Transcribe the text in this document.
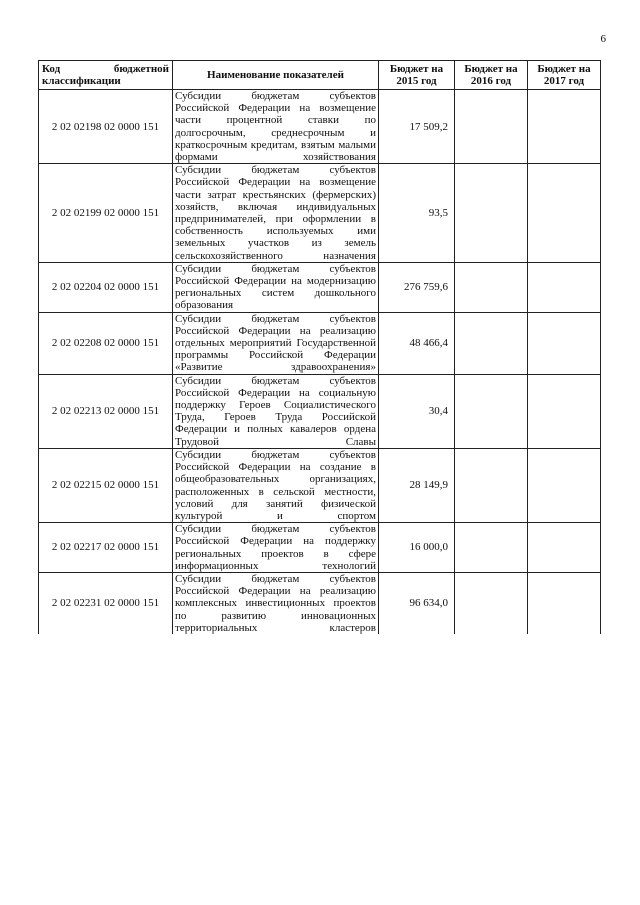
6
Код бюджетной классификации	Наименование показателей	Бюджет на 2015 год	Бюджет на 2016 год	Бюджет на 2017 год
2 02 02198 02 0000 151	Субсидии бюджетам субъектов Российской Федерации на возмещение части процентной ставки по долгосрочным, среднесрочным и краткосрочным кредитам, взятым малыми формами хозяйствования	17 509,2		
2 02 02199 02 0000 151	Субсидии бюджетам субъектов Российской Федерации на возмещение части затрат крестьянских (фермерских) хозяйств, включая индивидуальных предпринимателей, при оформлении в собственность используемых ими земельных участков из земель сельскохозяйственного назначения	93,5		
2 02 02204 02 0000 151	Субсидии бюджетам субъектов Российской Федерации на модернизацию региональных систем дошкольного образования	276 759,6		
2 02 02208 02 0000 151	Субсидии бюджетам субъектов Российской Федерации на реализацию отдельных мероприятий Государственной программы Российской Федерации «Развитие здравоохранения»	48 466,4		
2 02 02213 02 0000 151	Субсидии бюджетам субъектов Российской Федерации на социальную поддержку Героев Социалистического Труда, Героев Труда Российской Федерации и полных кавалеров ордена Трудовой Славы	30,4		
2 02 02215 02 0000 151	Субсидии бюджетам субъектов Российской Федерации на создание в общеобразовательных организациях, расположенных в сельской местности, условий для занятий физической культурой и спортом	28 149,9		
2 02 02217 02 0000 151	Субсидии бюджетам субъектов Российской Федерации на поддержку региональных проектов в сфере информационных технологий	16 000,0		
2 02 02231 02 0000 151	Субсидии бюджетам субъектов Российской Федерации на реализацию комплексных инвестиционных проектов по развитию инновационных территориальных кластеров	96 634,0		
